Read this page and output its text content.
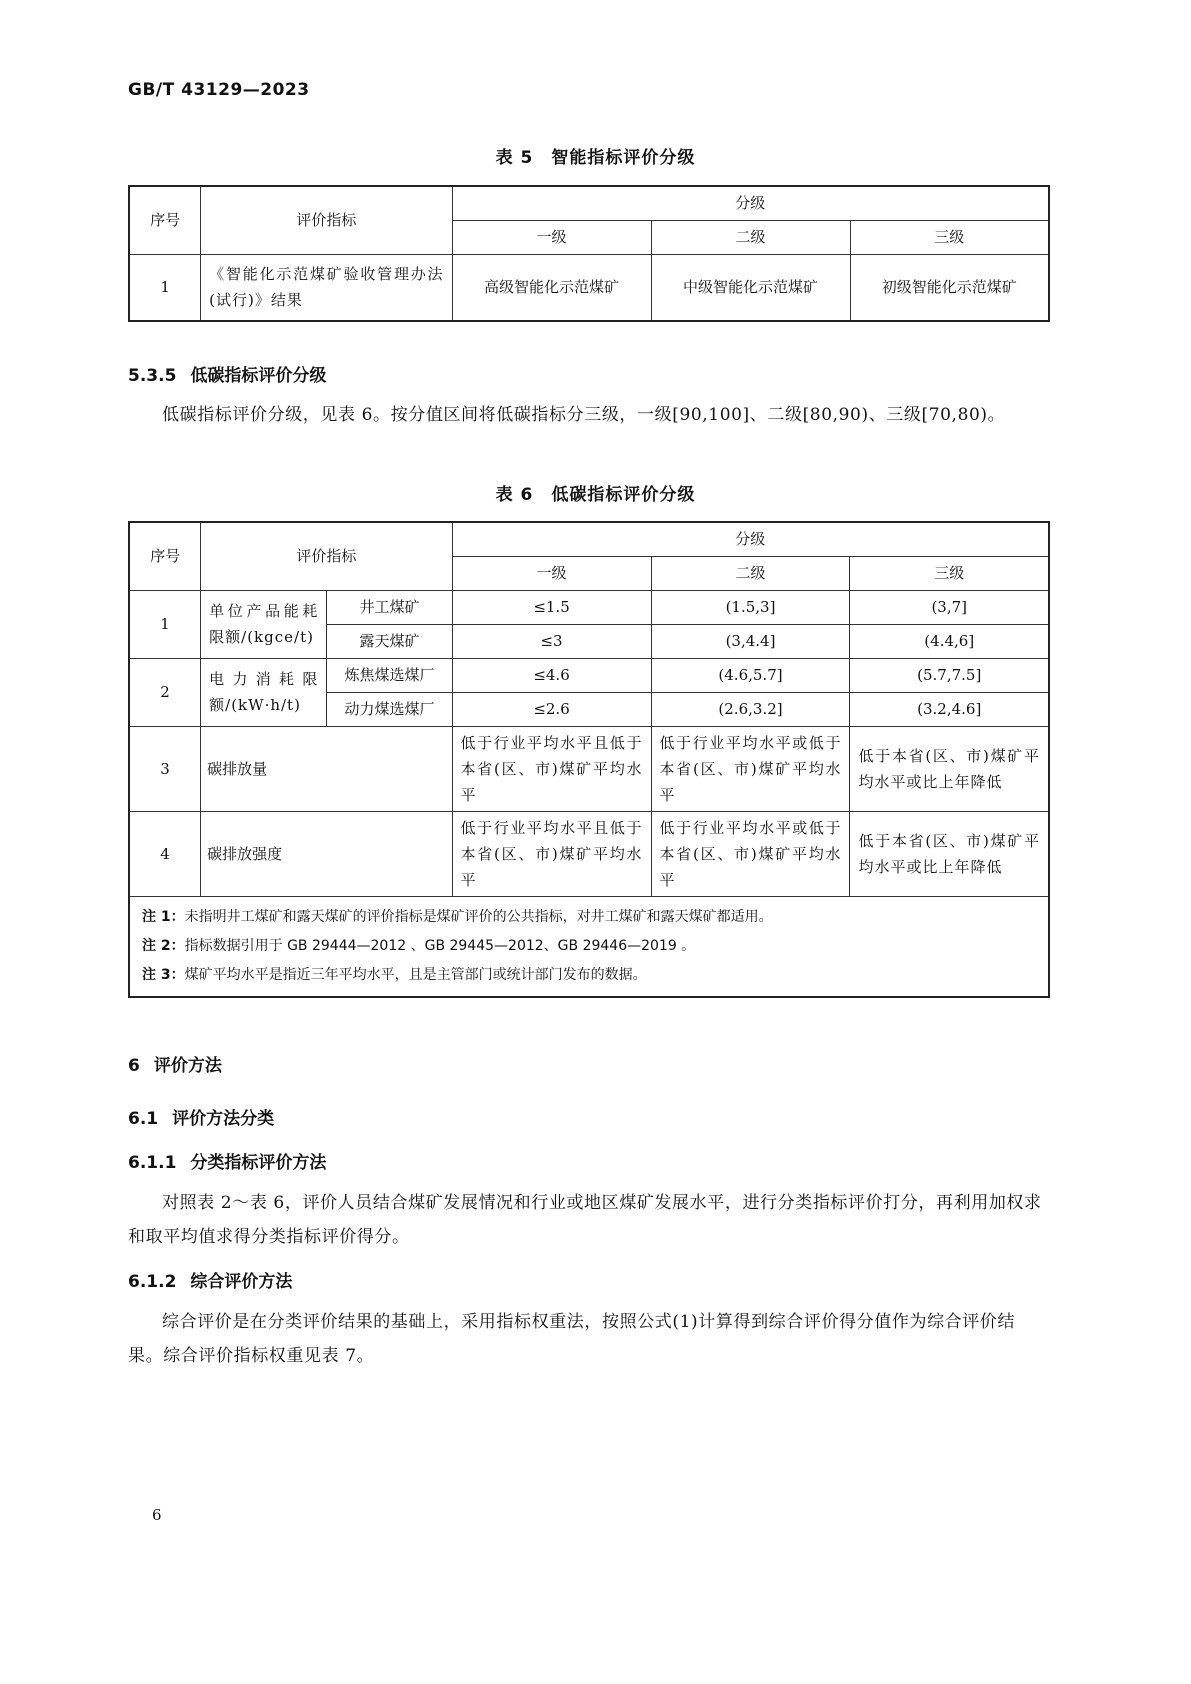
GB/T 43129—2023
表 5　智能指标评价分级
序号	评价指标	分级		
		一级	二级	三级
1	《智能化示范煤矿验收管理办法(试行)》结果	高级智能化示范煤矿	中级智能化示范煤矿	初级智能化示范煤矿
5.3.5 低碳指标评价分级
低碳指标评价分级，见表 6。按分值区间将低碳指标分三级，一级[90,100]、二级[80,90)、三级[70,80)。
表 6　低碳指标评价分级
序号	评价指标		分级		
			一级	二级	三级
1	单位产品能耗限额/(kgce/t)	井工煤矿	≤1.5	(1.5,3]	(3,7]
		露天煤矿	≤3	(3,4.4]	(4.4,6]
2	电力消耗限额/(kW·h/t)	炼焦煤选煤厂	≤4.6	(4.6,5.7]	(5.7,7.5]
		动力煤选煤厂	≤2.6	(2.6,3.2]	(3.2,4.6]
3	碳排放量		低于行业平均水平且低于本省(区、市)煤矿平均水平	低于行业平均水平或低于本省(区、市)煤矿平均水平	低于本省(区、市)煤矿平均水平或比上年降低
4	碳排放强度		低于行业平均水平且低于本省(区、市)煤矿平均水平	低于行业平均水平或低于本省(区、市)煤矿平均水平	低于本省(区、市)煤矿平均水平或比上年降低

注 1：未指明井工煤矿和露天煤矿的评价指标是煤矿评价的公共指标，对井工煤矿和露天煤矿都适用。
注 2：指标数据引用于 GB 29444—2012 、GB 29445—2012、GB 29446—2019 。
注 3：煤矿平均水平是指近三年平均水平，且是主管部门或统计部门发布的数据。					
6 评价方法
6.1 评价方法分类
6.1.1 分类指标评价方法
对照表 2～表 6，评价人员结合煤矿发展情况和行业或地区煤矿发展水平，进行分类指标评价打分，再利用加权求和取平均值求得分类指标评价得分。
6.1.2 综合评价方法
综合评价是在分类评价结果的基础上，采用指标权重法，按照公式(1)计算得到综合评价得分值作为综合评价结果。综合评价指标权重见表 7。
6
